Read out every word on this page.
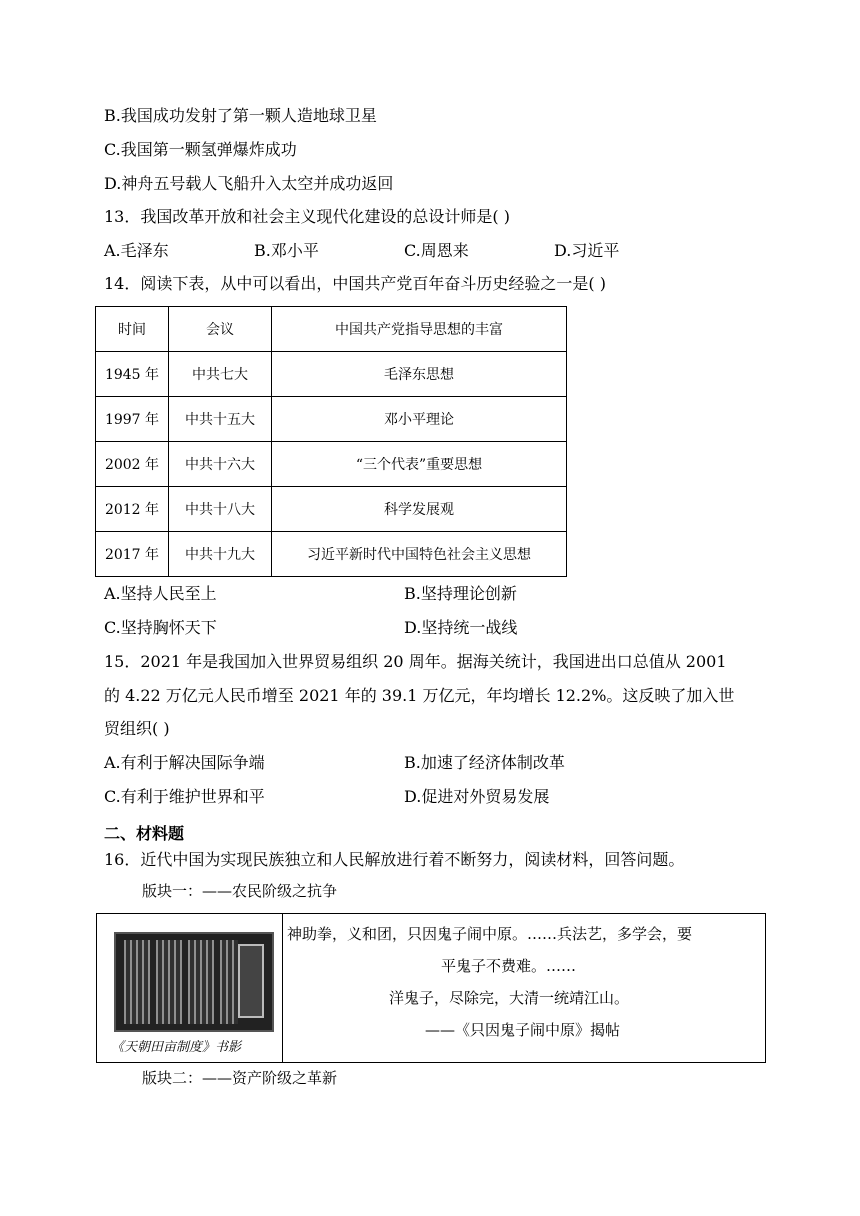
B.我国成功发射了第一颗人造地球卫星
C.我国第一颗氢弹爆炸成功
D.神舟五号载人飞船升入太空并成功返回
13．我国改革开放和社会主义现代化建设的总设计师是( )
A.毛泽东	B.邓小平	C.周恩来	D.习近平
14．阅读下表，从中可以看出，中国共产党百年奋斗历史经验之一是( )
时间	会议	中国共产党指导思想的丰富
1945 年	中共七大	毛泽东思想
1997 年	中共十五大	邓小平理论
2002 年	中共十六大	“三个代表”重要思想
2012 年	中共十八大	科学发展观
2017 年	中共十九大	习近平新时代中国特色社会主义思想
A.坚持人民至上	B.坚持理论创新
C.坚持胸怀天下	D.坚持统一战线
15．2021 年是我国加入世界贸易组织 20 周年。据海关统计，我国进出口总值从 2001
的 4.22 万亿元人民币增至 2021 年的 39.1 万亿元，年均增长 12.2%。这反映了加入世
贸组织( )
A.有利于解决国际争端	B.加速了经济体制改革
C.有利于维护世界和平	D.促进对外贸易发展
二、材料题
16．近代中国为实现民族独立和人民解放进行着不断努力，阅读材料，回答问题。
版块一：——农民阶级之抗争
《天朝田亩制度》书影
神助拳，义和团，只因鬼子闹中原。……兵法艺，多学会，要
平鬼子不费难。……
洋鬼子，尽除完，大清一统靖江山。
——《只因鬼子闹中原》揭帖
版块二：——资产阶级之革新
